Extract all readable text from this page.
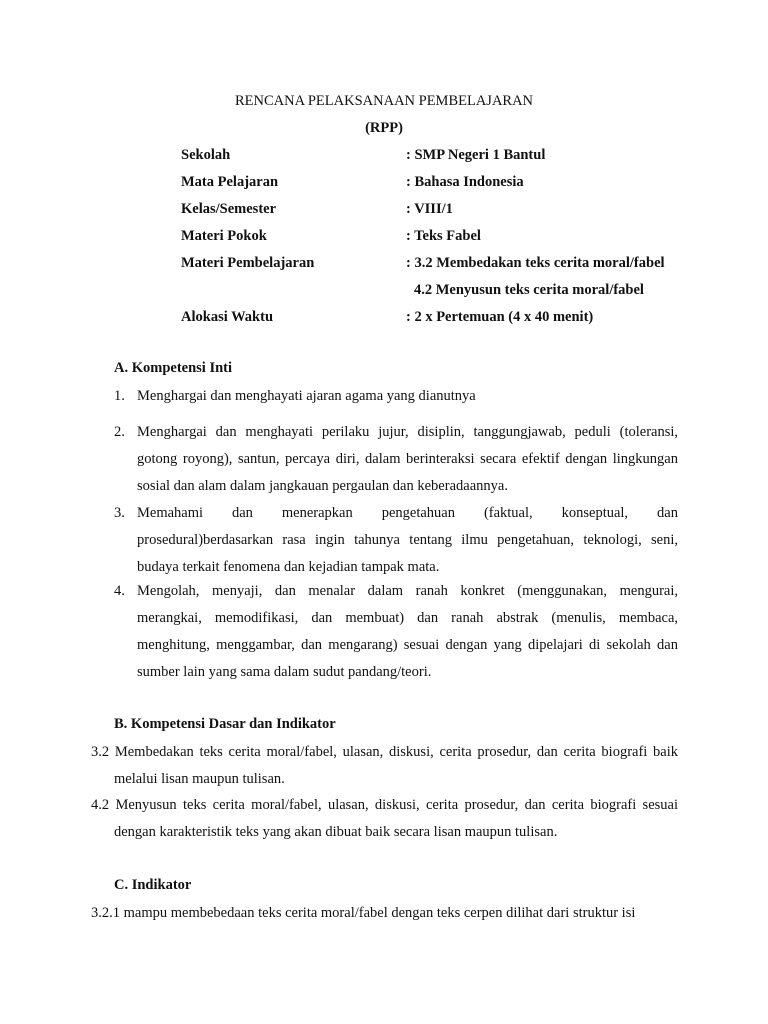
RENCANA PELAKSANAAN PEMBELAJARAN
(RPP)
Sekolah	: SMP Negeri 1 Bantul
Mata Pelajaran	: Bahasa Indonesia
Kelas/Semester	: VIII/1
Materi Pokok	: Teks Fabel
Materi Pembelajaran	: 3.2 Membedakan teks cerita moral/fabel
4.2 Menyusun teks cerita moral/fabel
Alokasi Waktu	: 2 x Pertemuan (4 x 40 menit)
A. Kompetensi Inti
1. Menghargai dan menghayati ajaran agama yang dianutnya
2. Menghargai dan menghayati perilaku jujur, disiplin, tanggungjawab, peduli (toleransi,
gotong royong), santun, percaya diri, dalam berinteraksi secara efektif dengan lingkungan
sosial dan alam dalam jangkauan pergaulan dan keberadaannya.
3. Memahami dan menerapkan pengetahuan (faktual, konseptual, dan
prosedural)berdasarkan rasa ingin tahunya tentang ilmu pengetahuan, teknologi, seni,
budaya terkait fenomena dan kejadian tampak mata.
4. Mengolah, menyaji, dan menalar dalam ranah konkret (menggunakan, mengurai,
merangkai, memodifikasi, dan membuat) dan ranah abstrak (menulis, membaca,
menghitung, menggambar, dan mengarang) sesuai dengan yang dipelajari di sekolah dan
sumber lain yang sama dalam sudut pandang/teori.
B. Kompetensi Dasar dan Indikator
3.2 Membedakan teks cerita moral/fabel, ulasan, diskusi, cerita prosedur, dan cerita biografi baik
melalui lisan maupun tulisan.
4.2 Menyusun teks cerita moral/fabel, ulasan, diskusi, cerita prosedur, dan cerita biografi sesuai
dengan karakteristik teks yang akan dibuat baik secara lisan maupun tulisan.
C. Indikator
3.2.1 mampu membebedaan teks cerita moral/fabel dengan teks cerpen dilihat dari struktur isi
